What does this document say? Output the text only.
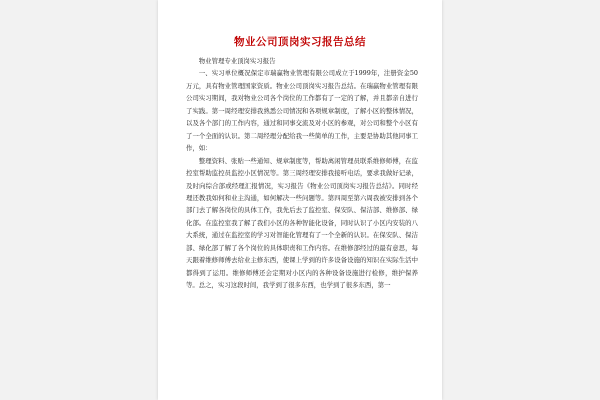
物业公司顶岗实习报告总结

物业管理专业顶岗实习报告

一、实习单位概况保定市瑞赢物业管理有限公司成立于1999年，注册资金50万元，具有物业管理国家资质。物业公司顶岗实习报告总结。在瑞赢物业管理有限公司实习期间，我对物业公司各个岗位的工作都有了一定的了解，并且都亲自进行了实践。第一周经理安排我熟悉公司情况和各项规章制度，了解小区的整体情况，以及各个部门的工作内容，通过和同事交流及对小区的参观，对公司和整个小区有了一个全面的认识。第二周经理分配给我一些简单的工作，主要是协助其他同事工作，如：

整理资料、张贴一些通知、规章制度等，帮助离闲管理员联系维修师傅，在监控室帮助监控员监控小区情况等。第三周经理安排我接听电话，要求我做好记录，及时向综合部或经理汇报情况，实习报告《物业公司顶岗实习报告总结》。同时经理还教我如何和业主沟通，如何解决一些问题等。第四周至第六周我被安排到各个部门去了解各岗位的具体工作，我先后去了监控室、保安队、保洁部、维修部、绿化部。在监控室我了解了我们小区的各种智能化设备，同时认识了小区内安装的八大系统，通过在监控室的学习对智能化管理有了一个全新的认识。在保安队、保洁部、绿化部了解了各个岗位的具体职责和工作内容。在维修部经过的最有意思，每天跟着维修师傅去给业主修东西，使课上学到的许多设备设施的知识在实际生活中都得到了运用。维修师傅还会定期对小区内的各种设备设施进行检修，维护保养等。总之，实习这段时间，我学到了很多东西，也学到了很多东西，第一
